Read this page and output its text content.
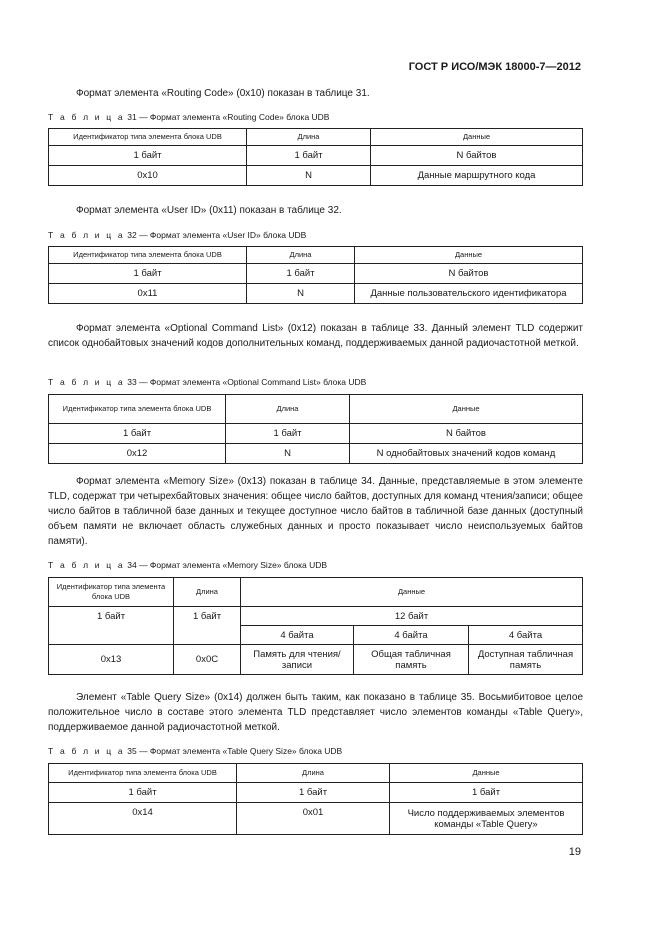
ГОСТ Р ИСО/МЭК 18000-7—2012

Формат элемента «Routing Code» (0x10) показан в таблице 31.

Т а б л и ц а 31 — Формат элемента «Routing Code» блока UDB
Идентификатор типа элемента блока UDB	Длина	Данные
1 байт	1 байт	N байтов
0x10	N	Данные маршрутного кода

Формат элемента «User ID» (0x11) показан в таблице 32.

Т а б л и ц а 32 — Формат элемента «User ID» блока UDB
Идентификатор типа элемента блока UDB	Длина	Данные
1 байт	1 байт	N байтов
0x11	N	Данные пользовательского идентификатора

Формат элемента «Optional Command List» (0x12) показан в таблице 33. Данный элемент TLD содержит список однобайтовых значений кодов дополнительных команд, поддерживаемых данной радиочастотной меткой.

Т а б л и ц а 33 — Формат элемента «Optional Command List» блока UDB
Идентификатор типа элемента блока UDB	Длина	Данные
1 байт	1 байт	N байтов
0x12	N	N однобайтовых значений кодов команд

Формат элемента «Memory Size» (0x13) показан в таблице 34. Данные, представляемые в этом элементе TLD, содержат три четырехбайтовых значения: общее число байтов, доступных для команд чтения/записи; общее число байтов в табличной базе данных и текущее доступное число байтов в табличной базе данных (доступный объем памяти не включает область служебных данных и просто показывает число неиспользуемых байтов памяти).

Т а б л и ц а 34 — Формат элемента «Memory Size» блока UDB
Идентификатор типа элемента блока UDB	Длина	Данные		
1 байт	1 байт	12 байт		
		4 байта	4 байта	4 байта
0x13	0x0C	Память для чтения/записи	Общая табличная память	Доступная табличная память

Элемент «Table Query Size» (0x14) должен быть таким, как показано в таблице 35. Восьмибитовое целое положительное число в составе этого элемента TLD представляет число элементов команды «Table Query», поддерживаемое данной радиочастотной меткой.

Т а б л и ц а 35 — Формат элемента «Table Query Size» блока UDB
Идентификатор типа элемента блока UDB	Длина	Данные
1 байт	1 байт	1 байт
0x14	0x01	Число поддерживаемых элементов команды «Table Query»
19
